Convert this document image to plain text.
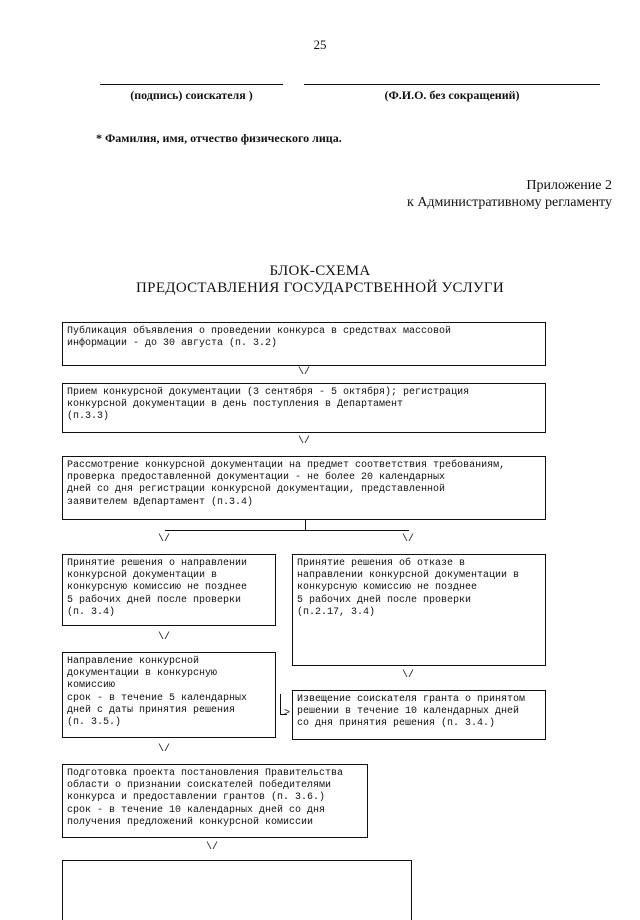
25
(подпись) соискателя )	(Ф.И.О. без сокращений)
* Фамилия, имя, отчество физического лица.
Приложение 2
к Административному регламенту
БЛОК-СХЕМА
ПРЕДОСТАВЛЕНИЯ ГОСУДАРСТВЕННОЙ УСЛУГИ
Публикация объявления о проведении конкурса в средствах массовой
информации - до 30 августа (п. 3.2)
\/
Прием конкурсной документации (3 сентября - 5 октября); регистрация
конкурсной документации в день поступления в Департамент
(п.3.3)
\/
Рассмотрение конкурсной документации на предмет соответствия требованиям,
проверка предоставленной документации - не более 20 календарных
дней со дня регистрации конкурсной документации, представленной
заявителем вДепартамент (п.3.4)
\/	\/
Принятие решения о направлении
конкурсной документации в
конкурсную комиссию не позднее
5 рабочих дней после проверки
(п. 3.4)
\/
Принятие решения об отказе в
направлении конкурсной документации в
конкурсную комиссию не позднее
5 рабочих дней после проверки
(п.2.17, 3.4)
\/
Направление конкурсной
документации в конкурсную
комиссию
срок - в течение 5 календарных
дней с даты принятия решения
(п. 3.5.)
>
Извещение соискателя гранта о принятом
решении в течение 10 календарных дней
со дня принятия решения (п. 3.4.)
\/
Подготовка проекта постановления Правительства
области о признании соискателей победителями
конкурса и предоставлении грантов (п. 3.6.)
срок - в течение 10 календарных дней со дня
получения предложений конкурсной комиссии
\/
